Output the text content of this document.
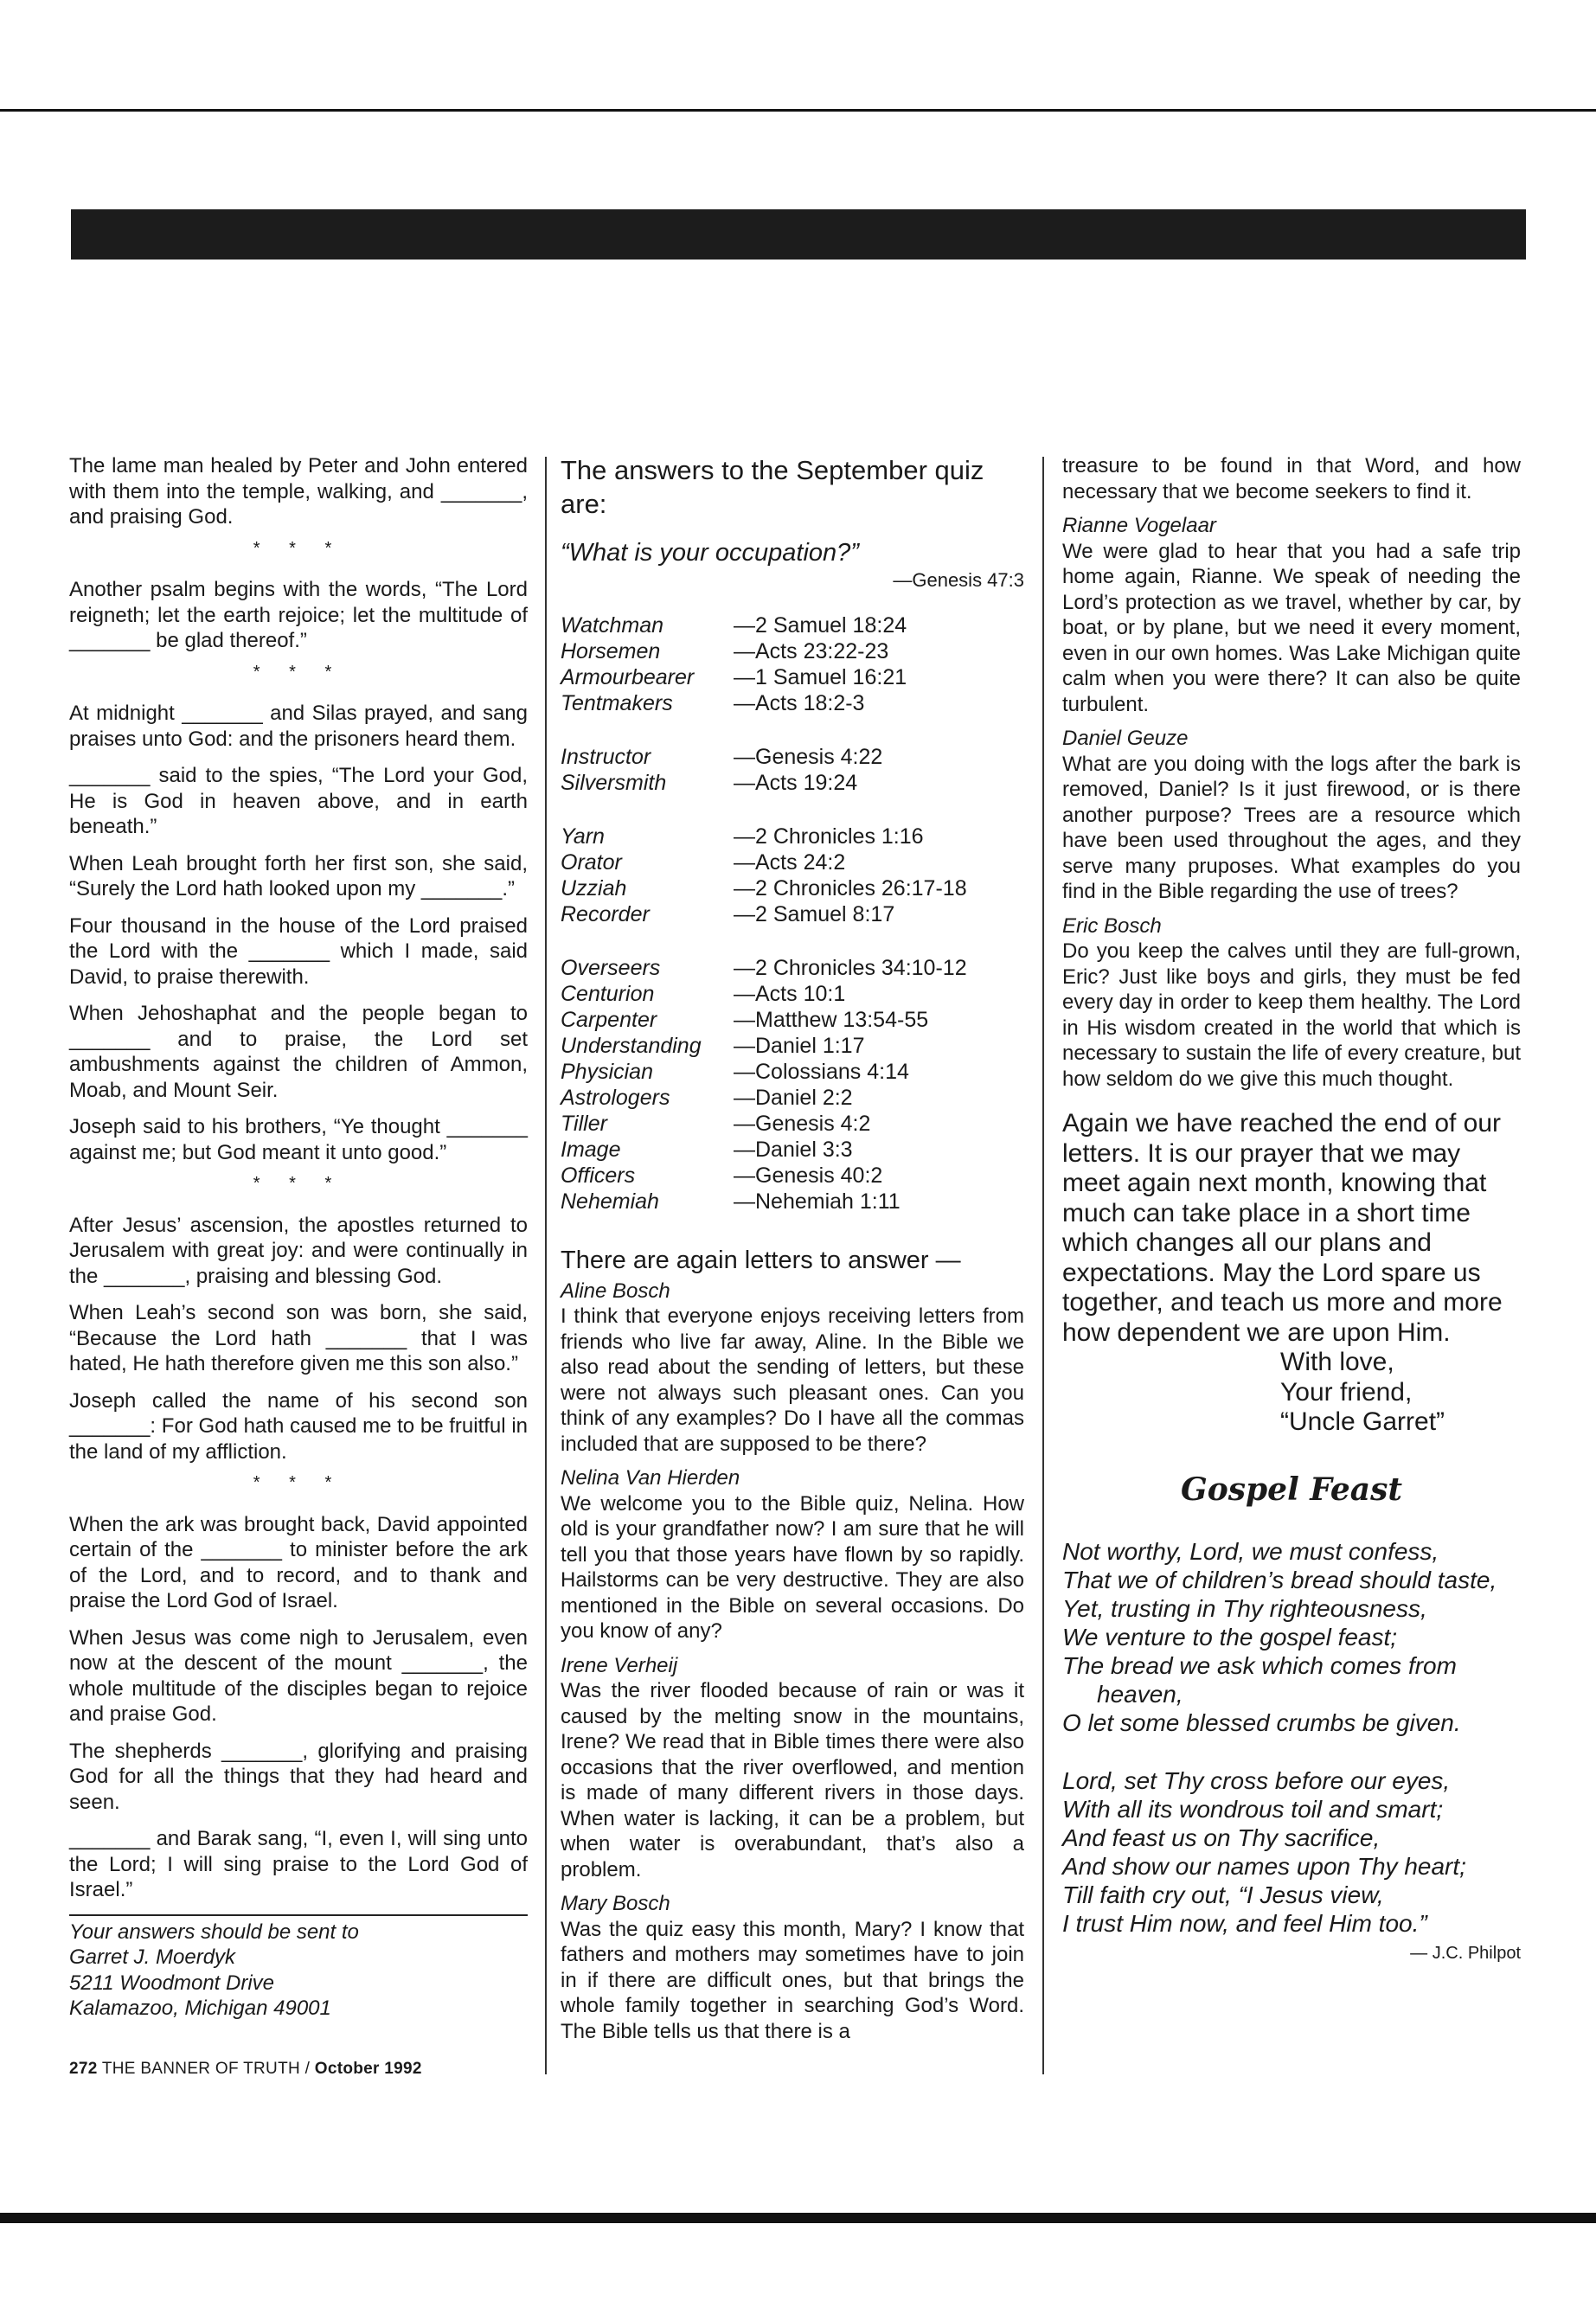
The lame man healed by Peter and John entered with them into the temple, walking, and _______, and praising God.

* * *

Another psalm begins with the words, “The Lord reigneth; let the earth rejoice; let the multitude of _______ be glad thereof.”

* * *

At midnight _______ and Silas prayed, and sang praises unto God: and the prisoners heard them.

_______ said to the spies, “The Lord your God, He is God in heaven above, and in earth beneath.”

When Leah brought forth her first son, she said, “Surely the Lord hath looked upon my _______.”

Four thousand in the house of the Lord praised the Lord with the _______ which I made, said David, to praise therewith.

When Jehoshaphat and the people began to _______ and to praise, the Lord set ambushments against the children of Ammon, Moab, and Mount Seir.

Joseph said to his brothers, “Ye thought _______ against me; but God meant it unto good.”

* * *

After Jesus’ ascension, the apostles returned to Jerusalem with great joy: and were continually in the _______, praising and blessing God.

When Leah’s second son was born, she said, “Because the Lord hath _______ that I was hated, He hath therefore given me this son also.”

Joseph called the name of his second son _______: For God hath caused me to be fruitful in the land of my affliction.

* * *

When the ark was brought back, David appointed certain of the _______ to minister before the ark of the Lord, and to record, and to thank and praise the Lord God of Israel.

When Jesus was come nigh to Jerusalem, even now at the descent of the mount _______, the whole multitude of the disciples began to rejoice and praise God.

The shepherds _______, glorifying and praising God for all the things that they had heard and seen.

_______ and Barak sang, “I, even I, will sing unto the Lord; I will sing praise to the Lord God of Israel.”

Your answers should be sent to
Garret J. Moerdyk
5211 Woodmont Drive
Kalamazoo, Michigan 49001
272 THE BANNER OF TRUTH / October 1992
The answers to the September quiz are:
“What is your occupation?”
—Genesis 47:3
Watchman	—2 Samuel 18:24
Horsemen	—Acts 23:22-23
Armourbearer	—1 Samuel 16:21
Tentmakers	—Acts 18:2-3
Instructor	—Genesis 4:22
Silversmith	—Acts 19:24
Yarn	—2 Chronicles 1:16
Orator	—Acts 24:2
Uzziah	—2 Chronicles 26:17-18
Recorder	—2 Samuel 8:17
Overseers	—2 Chronicles 34:10-12
Centurion	—Acts 10:1
Carpenter	—Matthew 13:54-55
Understanding	—Daniel 1:17
Physician	—Colossians 4:14
Astrologers	—Daniel 2:2
Tiller	—Genesis 4:2
Image	—Daniel 3:3
Officers	—Genesis 40:2
Nehemiah	—Nehemiah 1:11
There are again letters to answer —
Aline Bosch

I think that everyone enjoys receiving letters from friends who live far away, Aline. In the Bible we also read about the sending of letters, but these were not always such pleasant ones. Can you think of any examples? Do I have all the commas included that are supposed to be there?

Nelina Van Hierden

We welcome you to the Bible quiz, Nelina. How old is your grandfather now? I am sure that he will tell you that those years have flown by so rapidly. Hailstorms can be very destructive. They are also mentioned in the Bible on several occasions. Do you know of any?

Irene Verheij

Was the river flooded because of rain or was it caused by the melting snow in the mountains, Irene? We read that in Bible times there were also occasions that the river overflowed, and mention is made of many different rivers in those days. When water is lacking, it can be a problem, but when water is overabundant, that’s also a problem.

Mary Bosch

Was the quiz easy this month, Mary? I know that fathers and mothers may sometimes have to join in if there are difficult ones, but that brings the whole family together in searching God’s Word. The Bible tells us that there is a

treasure to be found in that Word, and how necessary that we become seekers to find it.

Rianne Vogelaar

We were glad to hear that you had a safe trip home again, Rianne. We speak of needing the Lord’s protection as we travel, whether by car, by boat, or by plane, but we need it every moment, even in our own homes. Was Lake Michigan quite calm when you were there? It can also be quite turbulent.

Daniel Geuze

What are you doing with the logs after the bark is removed, Daniel? Is it just firewood, or is there another purpose? Trees are a resource which have been used throughout the ages, and they serve many pruposes. What examples do you find in the Bible regarding the use of trees?

Eric Bosch

Do you keep the calves until they are full-grown, Eric? Just like boys and girls, they must be fed every day in order to keep them healthy. The Lord in His wisdom created in the world that which is necessary to sustain the life of every creature, but how seldom do we give this much thought.

Again we have reached the end of our letters. It is our prayer that we may meet again next month, knowing that much can take place in a short time which changes all our plans and expectations. May the Lord spare us together, and teach us more and more how dependent we are upon Him.

With love,
Your friend,
“Uncle Garret”
Gospel Feast
Not worthy, Lord, we must confess,
That we of children’s bread should taste,
Yet, trusting in Thy righteousness,
We venture to the gospel feast;
The bread we ask which comes from
heaven,
O let some blessed crumbs be given.
Lord, set Thy cross before our eyes,
With all its wondrous toil and smart;
And feast us on Thy sacrifice,
And show our names upon Thy heart;
Till faith cry out, “I Jesus view,
I trust Him now, and feel Him too.”
— J.C. Philpot
